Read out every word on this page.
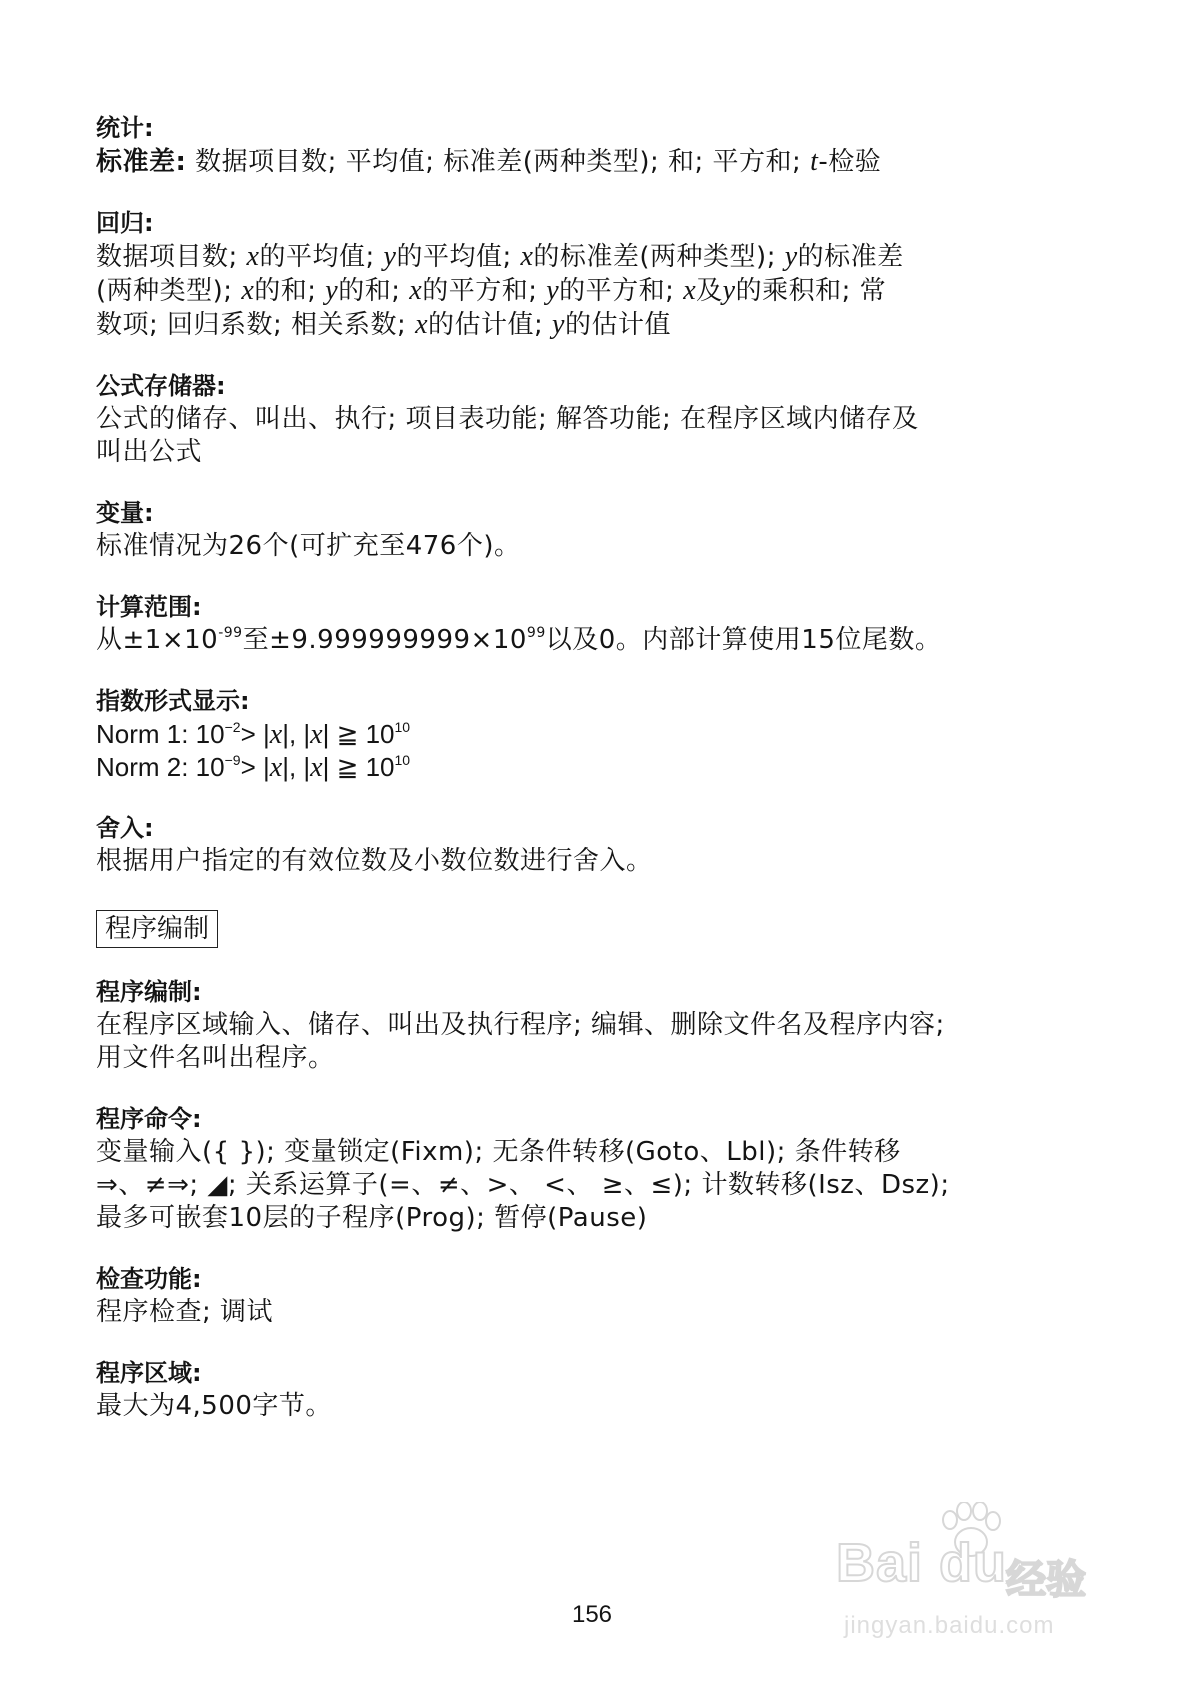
统计:
标准差: 数据项目数; 平均值; 标准差(两种类型); 和; 平方和; t-检验
回归:
数据项目数; x的平均值; y的平均值; x的标准差(两种类型); y的标准差
(两种类型); x的和; y的和; x的平方和; y的平方和; x及y的乘积和; 常
数项; 回归系数; 相关系数; x的估计值; y的估计值
公式存储器:
公式的储存、叫出、执行; 项目表功能; 解答功能; 在程序区域内储存及
叫出公式
变量:
标准情况为26个(可扩充至476个)。
计算范围:
从$\pm 1\times 10^{-99}$至$\pm 9.999999999\times 10^{99}$以及0。内部计算使用15位尾数。
指数形式显示:
Norm 1: $10^{-2}> |x|$, |x| ≧ $10^{10}$
Norm 2: $10^{-9}> |x|$, |x| ≧ $10^{10}$
舍入:
根据用户指定的有效位数及小数位数进行舍入。
程序编制
程序编制:
在程序区域输入、储存、叫出及执行程序; 编辑、删除文件名及程序内容;
用文件名叫出程序。
程序命令:
变量输入({ }); 变量锁定(Fixm); 无条件转移(Goto、Lbl); 条件转移
⇒、≠⇒; ◢; 关系运算子(=、≠、>、 <、 ≥、≤); 计数转移(Isz、Dsz);
最多可嵌套10层的子程序(Prog); 暂停(Pause)
检查功能:
程序检查; 调试
程序区域:
最大为4,500字节。
156
Bai du
经验
jingyan.baidu.com
